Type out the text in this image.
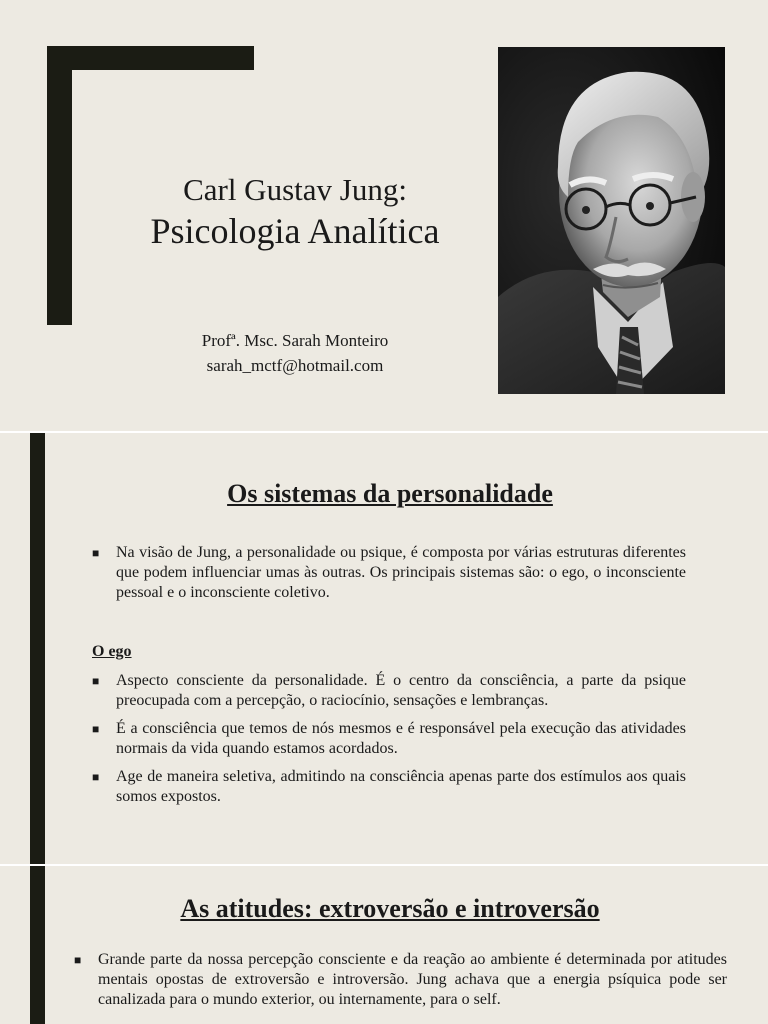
Carl Gustav Jung:
Psicologia Analítica
Profª. Msc. Sarah Monteiro
sarah_mctf@hotmail.com
Os sistemas da personalidade
■ Na visão de Jung, a personalidade ou psique, é composta por várias estruturas diferentes que podem influenciar umas às outras. Os principais sistemas são: o ego, o inconsciente pessoal e o inconsciente coletivo.
O ego
■ Aspecto consciente da personalidade. É o centro da consciência, a parte da psique preocupada com a percepção, o raciocínio, sensações e lembranças.
■ É a consciência que temos de nós mesmos e é responsável pela execução das atividades normais da vida quando estamos acordados.
■ Age de maneira seletiva, admitindo na consciência apenas parte dos estímulos aos quais somos expostos.
As atitudes: extroversão e introversão
■ Grande parte da nossa percepção consciente e da reação ao ambiente é determinada por atitudes mentais opostas de extroversão e introversão. Jung achava que a energia psíquica pode ser canalizada para o mundo exterior, ou internamente, para o self.
